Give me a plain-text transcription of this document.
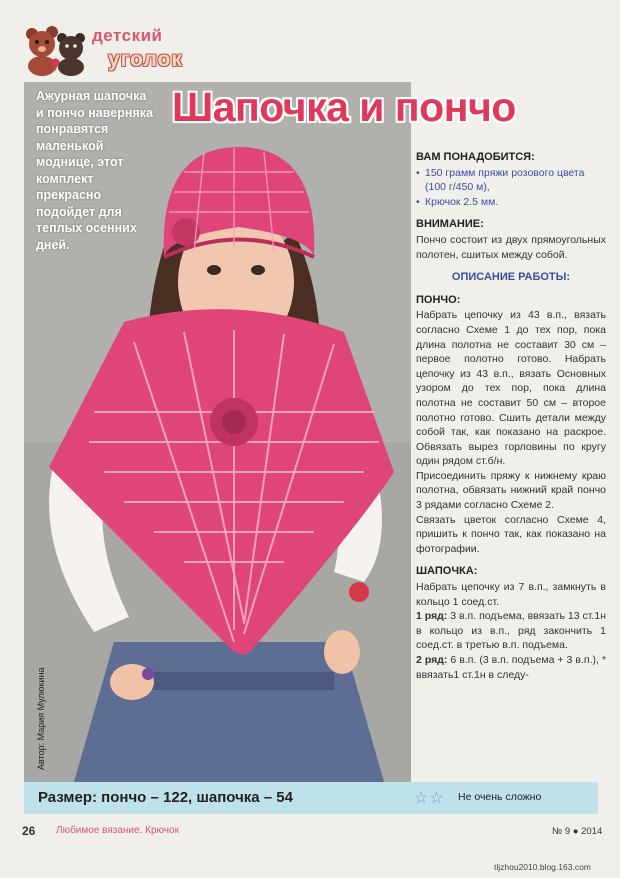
детский
уголок
Ажурная шапочка и пончо наверняка понравятся маленькой моднице, этот комплект прекрасно подойдет для теплых осенних дней.
Автор: Мария Мулюкина
Шапочка и пончо
ВАМ ПОНАДОБИТСЯ:
• 150 грамм пряжи розового цвета (100 г/450 м),
• Крючок 2.5 мм.
ВНИМАНИЕ:
Пончо состоит из двух прямоугольных полотен, сшитых между собой.
ОПИСАНИЕ РАБОТЫ:
ПОНЧО:
Набрать цепочку из 43 в.п., вязать согласно Схеме 1 до тех пор, пока длина полотна не составит 30 см – первое полотно готово. Набрать цепочку из 43 в.п., вязать Основных узором до тех пор, пока длина полотна не составит 50 см – второе полотно готово. Сшить детали между собой так, как показано на раскрое. Обвязать вырез горловины по кругу один рядом ст.б/н.
Присоединить пряжу к нижнему краю полотна, обвязать нижний край пончо 3 рядами согласно Схеме 2.
Связать цветок согласно Схеме 4, пришить к пончо так, как показано на фотографии.
ШАПОЧКА:
Набрать цепочку из 7 в.п., замкнуть в кольцо 1 соед.ст.
1 ряд: 3 в.п. подъема, ввязать 13 ст.1н в кольцо из в.п., ряд закончить 1 соед.ст. в третью в.п. подъема.
2 ряд: 6 в.п. (3 в.п. подъема + 3 в.п.), * ввязать1 ст.1н в следу-
Размер: пончо – 122, шапочка – 54	☆☆ Не очень сложно
26 Любимое вязание. Крючок	№ 9 ● 2014
tljzhou2010.blog.163.com
